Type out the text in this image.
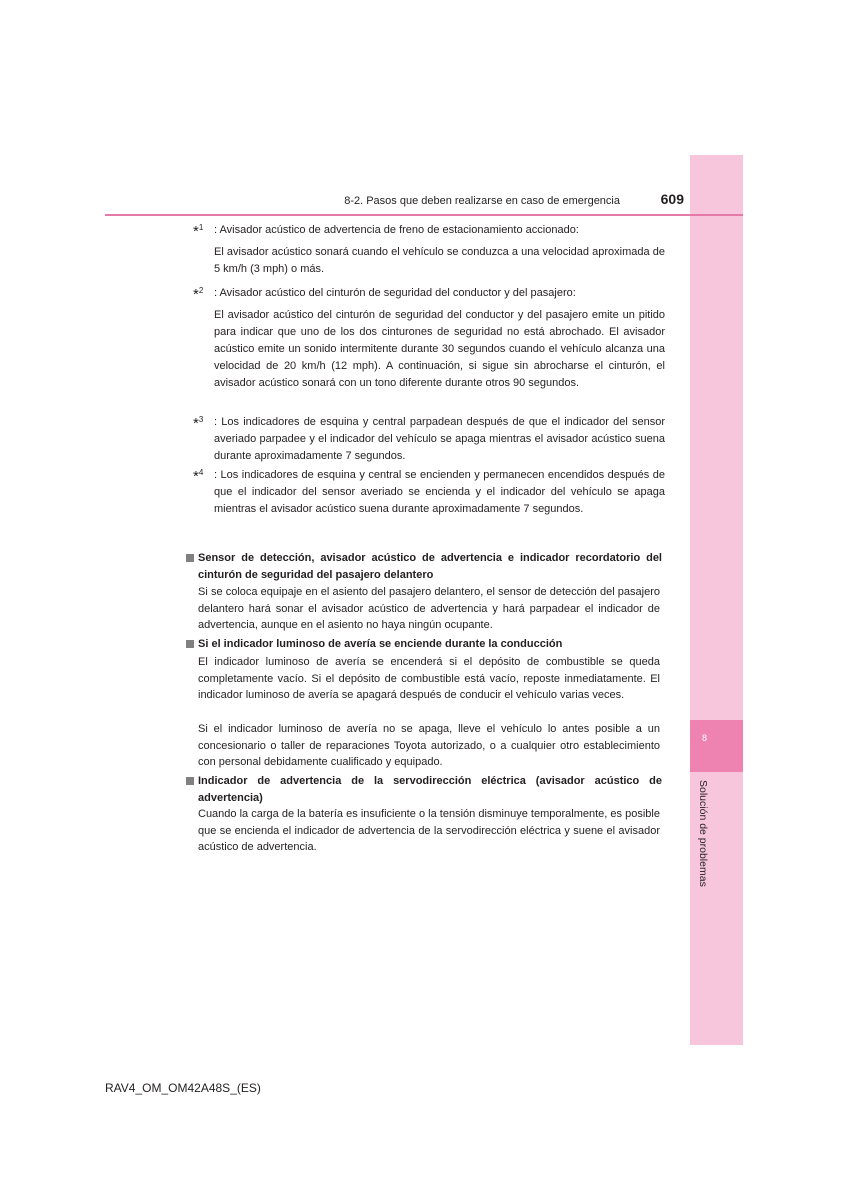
8
Solución de problemas
8-2. Pasos que deben realizarse en caso de emergencia	609
*$^1$ : Avisador acústico de advertencia de freno de estacionamiento accionado:
El avisador acústico sonará cuando el vehículo se conduzca a una velocidad aproximada de 5 km/h (3 mph) o más.
*$^2$ : Avisador acústico del cinturón de seguridad del conductor y del pasajero:
El avisador acústico del cinturón de seguridad del conductor y del pasajero emite un pitido para indicar que uno de los dos cinturones de seguridad no está abrochado. El avisador acústico emite un sonido intermitente durante 30 segundos cuando el vehículo alcanza una velocidad de 20 km/h (12 mph). A continuación, si sigue sin abrocharse el cinturón, el avisador acústico sonará con un tono diferente durante otros 90 segundos.
*$^3$ : Los indicadores de esquina y central parpadean después de que el indicador del sensor averiado parpadee y el indicador del vehículo se apaga mientras el avisador acústico suena durante aproximadamente 7 segundos.
*$^4$ : Los indicadores de esquina y central se encienden y permanecen encendidos después de que el indicador del sensor averiado se encienda y el indicador del vehículo se apaga mientras el avisador acústico suena durante aproximadamente 7 segundos.
Sensor de detección, avisador acústico de advertencia e indicador recordatorio del cinturón de seguridad del pasajero delantero
Si se coloca equipaje en el asiento del pasajero delantero, el sensor de detección del pasajero delantero hará sonar el avisador acústico de advertencia y hará parpadear el indicador de advertencia, aunque en el asiento no haya ningún ocupante.
Si el indicador luminoso de avería se enciende durante la conducción
El indicador luminoso de avería se encenderá si el depósito de combustible se queda completamente vacío. Si el depósito de combustible está vacío, reposte inmediatamente. El indicador luminoso de avería se apagará después de conducir el vehículo varias veces.
Si el indicador luminoso de avería no se apaga, lleve el vehículo lo antes posible a un concesionario o taller de reparaciones Toyota autorizado, o a cualquier otro establecimiento con personal debidamente cualificado y equipado.
Indicador de advertencia de la servodirección eléctrica (avisador acústico de advertencia)
Cuando la carga de la batería es insuficiente o la tensión disminuye temporalmente, es posible que se encienda el indicador de advertencia de la servodirección eléctrica y suene el avisador acústico de advertencia.
RAV4_OM_OM42A48S_(ES)
